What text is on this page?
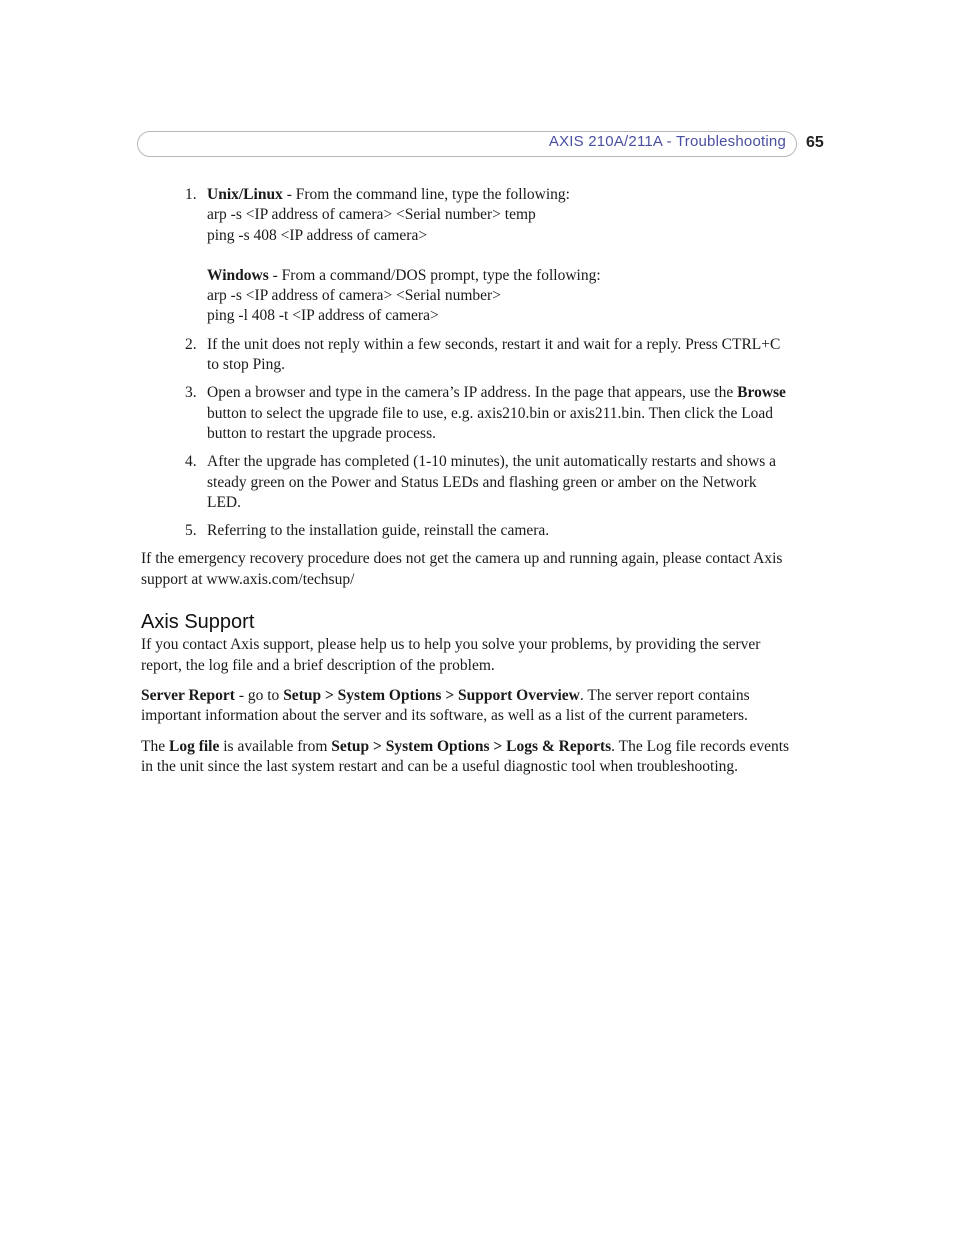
AXIS 210A/211A - Troubleshooting 65
1. Unix/Linux - From the command line, type the following:
arp -s <IP address of camera> <Serial number> temp
ping -s 408 <IP address of camera>
Windows - From a command/DOS prompt, type the following:
arp -s <IP address of camera> <Serial number>
ping -l 408 -t <IP address of camera>
2. If the unit does not reply within a few seconds, restart it and wait for a reply. Press CTRL+C to stop Ping.
3. Open a browser and type in the camera’s IP address. In the page that appears, use the Browse button to select the upgrade file to use, e.g. axis210.bin or axis211.bin. Then click the Load button to restart the upgrade process.
4. After the upgrade has completed (1-10 minutes), the unit automatically restarts and shows a steady green on the Power and Status LEDs and flashing green or amber on the Network LED.
5. Referring to the installation guide, reinstall the camera.

If the emergency recovery procedure does not get the camera up and running again, please contact Axis support at www.axis.com/techsup/

Axis Support

If you contact Axis support, please help us to help you solve your problems, by providing the server report, the log file and a brief description of the problem.

Server Report - go to Setup > System Options > Support Overview. The server report contains important information about the server and its software, as well as a list of the current parameters.

The Log file is available from Setup > System Options > Logs & Reports. The Log file records events in the unit since the last system restart and can be a useful diagnostic tool when troubleshooting.
